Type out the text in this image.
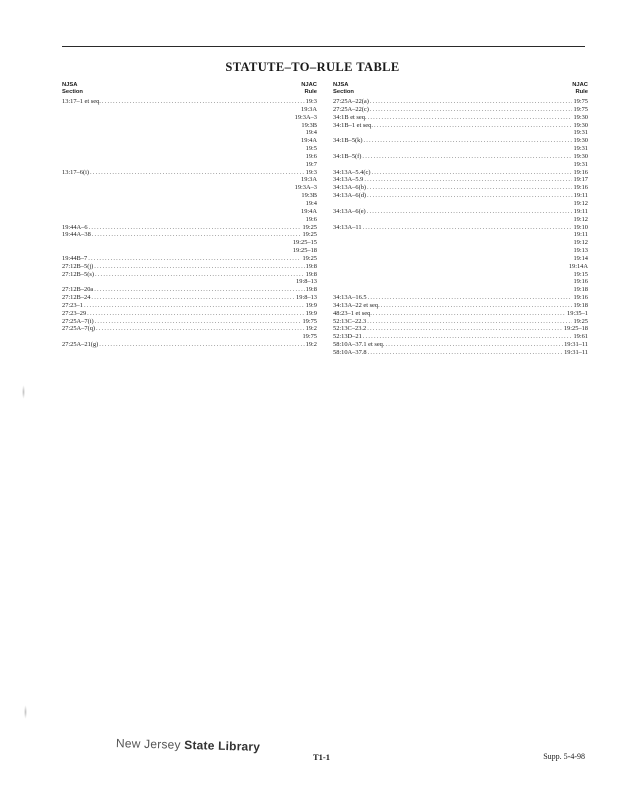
STATUTE–TO–RULE TABLE
NJSA
Section
NJAC
Rule
13:17–1 et seq. . . .	19:3
19:3A
19:3A–3
19:3B
19:4
19:4A
19:5
19:6
19:7
13:17–6(i) . . .	19:3
19:3A
19:3A–3
19:3B
19:4
19:4A
19:6
19:44A–6 . . .	19:25
19:44A–38 . . .	19:25
19:25–15
19:25–18
19:44B–7 . . .	19:25
27:12B–5(j) . . .	19:8
27:12B–5(s) . . .	19:8
19:8–13
27:12B–20a . . .	19:8
27:12B–24 . . .	19:8–13
27:23–1 . . .	19:9
27:23–29 . . .	19:9
27:25A–7(i) . . .	19:75
27:25A–7(q) . . .	19:2
19:75
27:25A–21(g) . . .	19:2
NJSA
Section
NJAC
Rule
27:25A–22(a) . . .	19:75
27:25A–22(c) . . .	19:75
34:1B et seq. . . .	19:30
34:1B–1 et seq. . . .	19:30
19:31
34:1B–5(k) . . .	19:30
19:31
34:1B–5(f) . . .	19:30
19:31
34:13A–5.4(c) . . .	19:16
34:13A–5.9 . . .	19:17
34:13A–6(b) . . .	19:16
34:13A–6(d) . . .	19:11
19:12
34:13A–6(e) . . .	19:11
19:12
34:13A–11 . . .	19:10
19:11
19:12
19:13
19:14
19:14A
19:15
19:16
19:18
34:13A–16.5 . . .	19:16
34:13A–22 et seq. . . .	19:18
48:23–1 et seq. . . .	19:35–1
52:13C–22.3 . . .	19:25
52:13C–23.2 . . .	19:25–18
52:13D–21 . . .	19:61
58:10A–37.1 et seq. . . .	19:31–11
58:10A–37.8 . . .	19:31–11
New Jersey State Library
T1-1	Supp. 5-4-98
